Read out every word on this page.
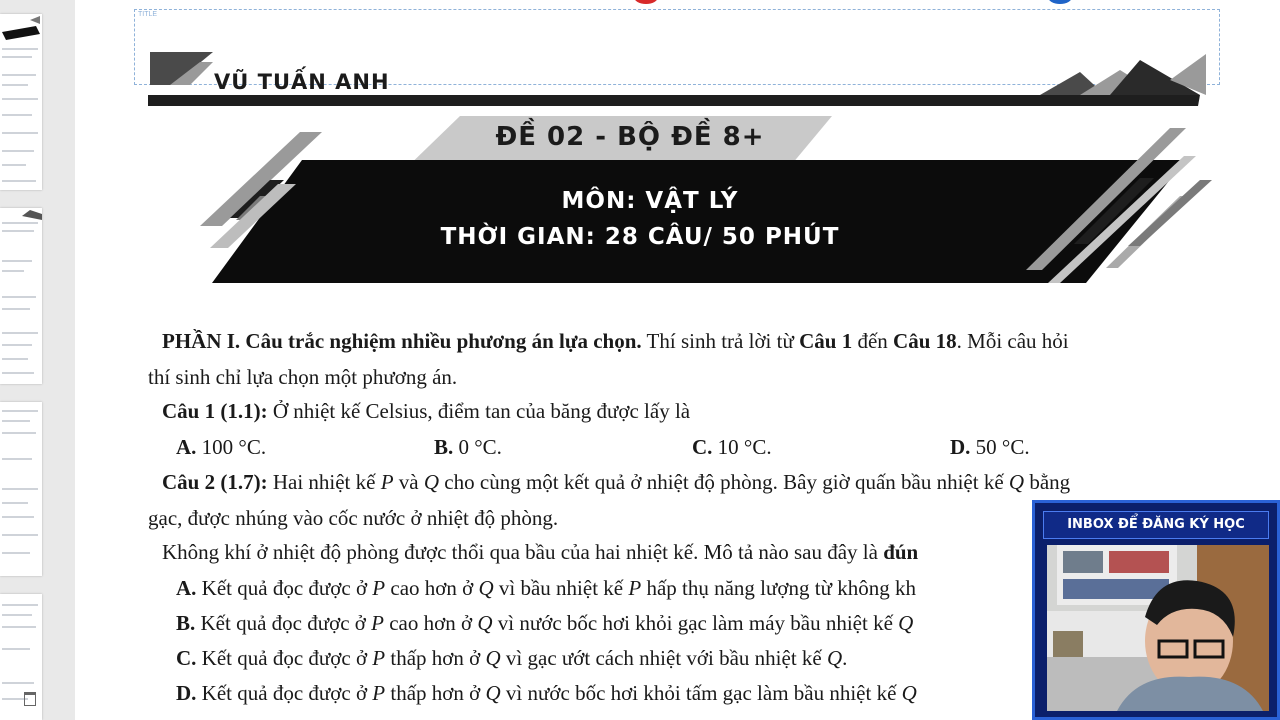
TITLE
VŨ TUẤN ANH
ĐỀ 02 - BỘ ĐỀ 8+
MÔN: VẬT LÝ
THỜI GIAN: 28 CÂU/ 50 PHÚT
PHẦN I. Câu trắc nghiệm nhiều phương án lựa chọn. Thí sinh trả lời từ Câu 1 đến Câu 18. Mỗi câu hỏi
thí sinh chỉ lựa chọn một phương án.
Câu 1 (1.1): Ở nhiệt kế Celsius, điểm tan của băng được lấy là
A. 100 °C.	B. 0 °C.	C. 10 °C.	D. 50 °C.
Câu 2 (1.7): Hai nhiệt kế P và Q cho cùng một kết quả ở nhiệt độ phòng. Bây giờ quấn bầu nhiệt kế Q bằng
gạc, được nhúng vào cốc nước ở nhiệt độ phòng.
Không khí ở nhiệt độ phòng được thổi qua bầu của hai nhiệt kế. Mô tả nào sau đây là đún
A. Kết quả đọc được ở P cao hơn ở Q vì bầu nhiệt kế P hấp thụ năng lượng từ không kh
B. Kết quả đọc được ở P cao hơn ở Q vì nước bốc hơi khỏi gạc làm máy bầu nhiệt kế Q
C. Kết quả đọc được ở P thấp hơn ở Q vì gạc ướt cách nhiệt với bầu nhiệt kế Q.
D. Kết quả đọc được ở P thấp hơn ở Q vì nước bốc hơi khỏi tấm gạc làm bầu nhiệt kế Q
INBOX ĐỂ ĐĂNG KÝ HỌC
